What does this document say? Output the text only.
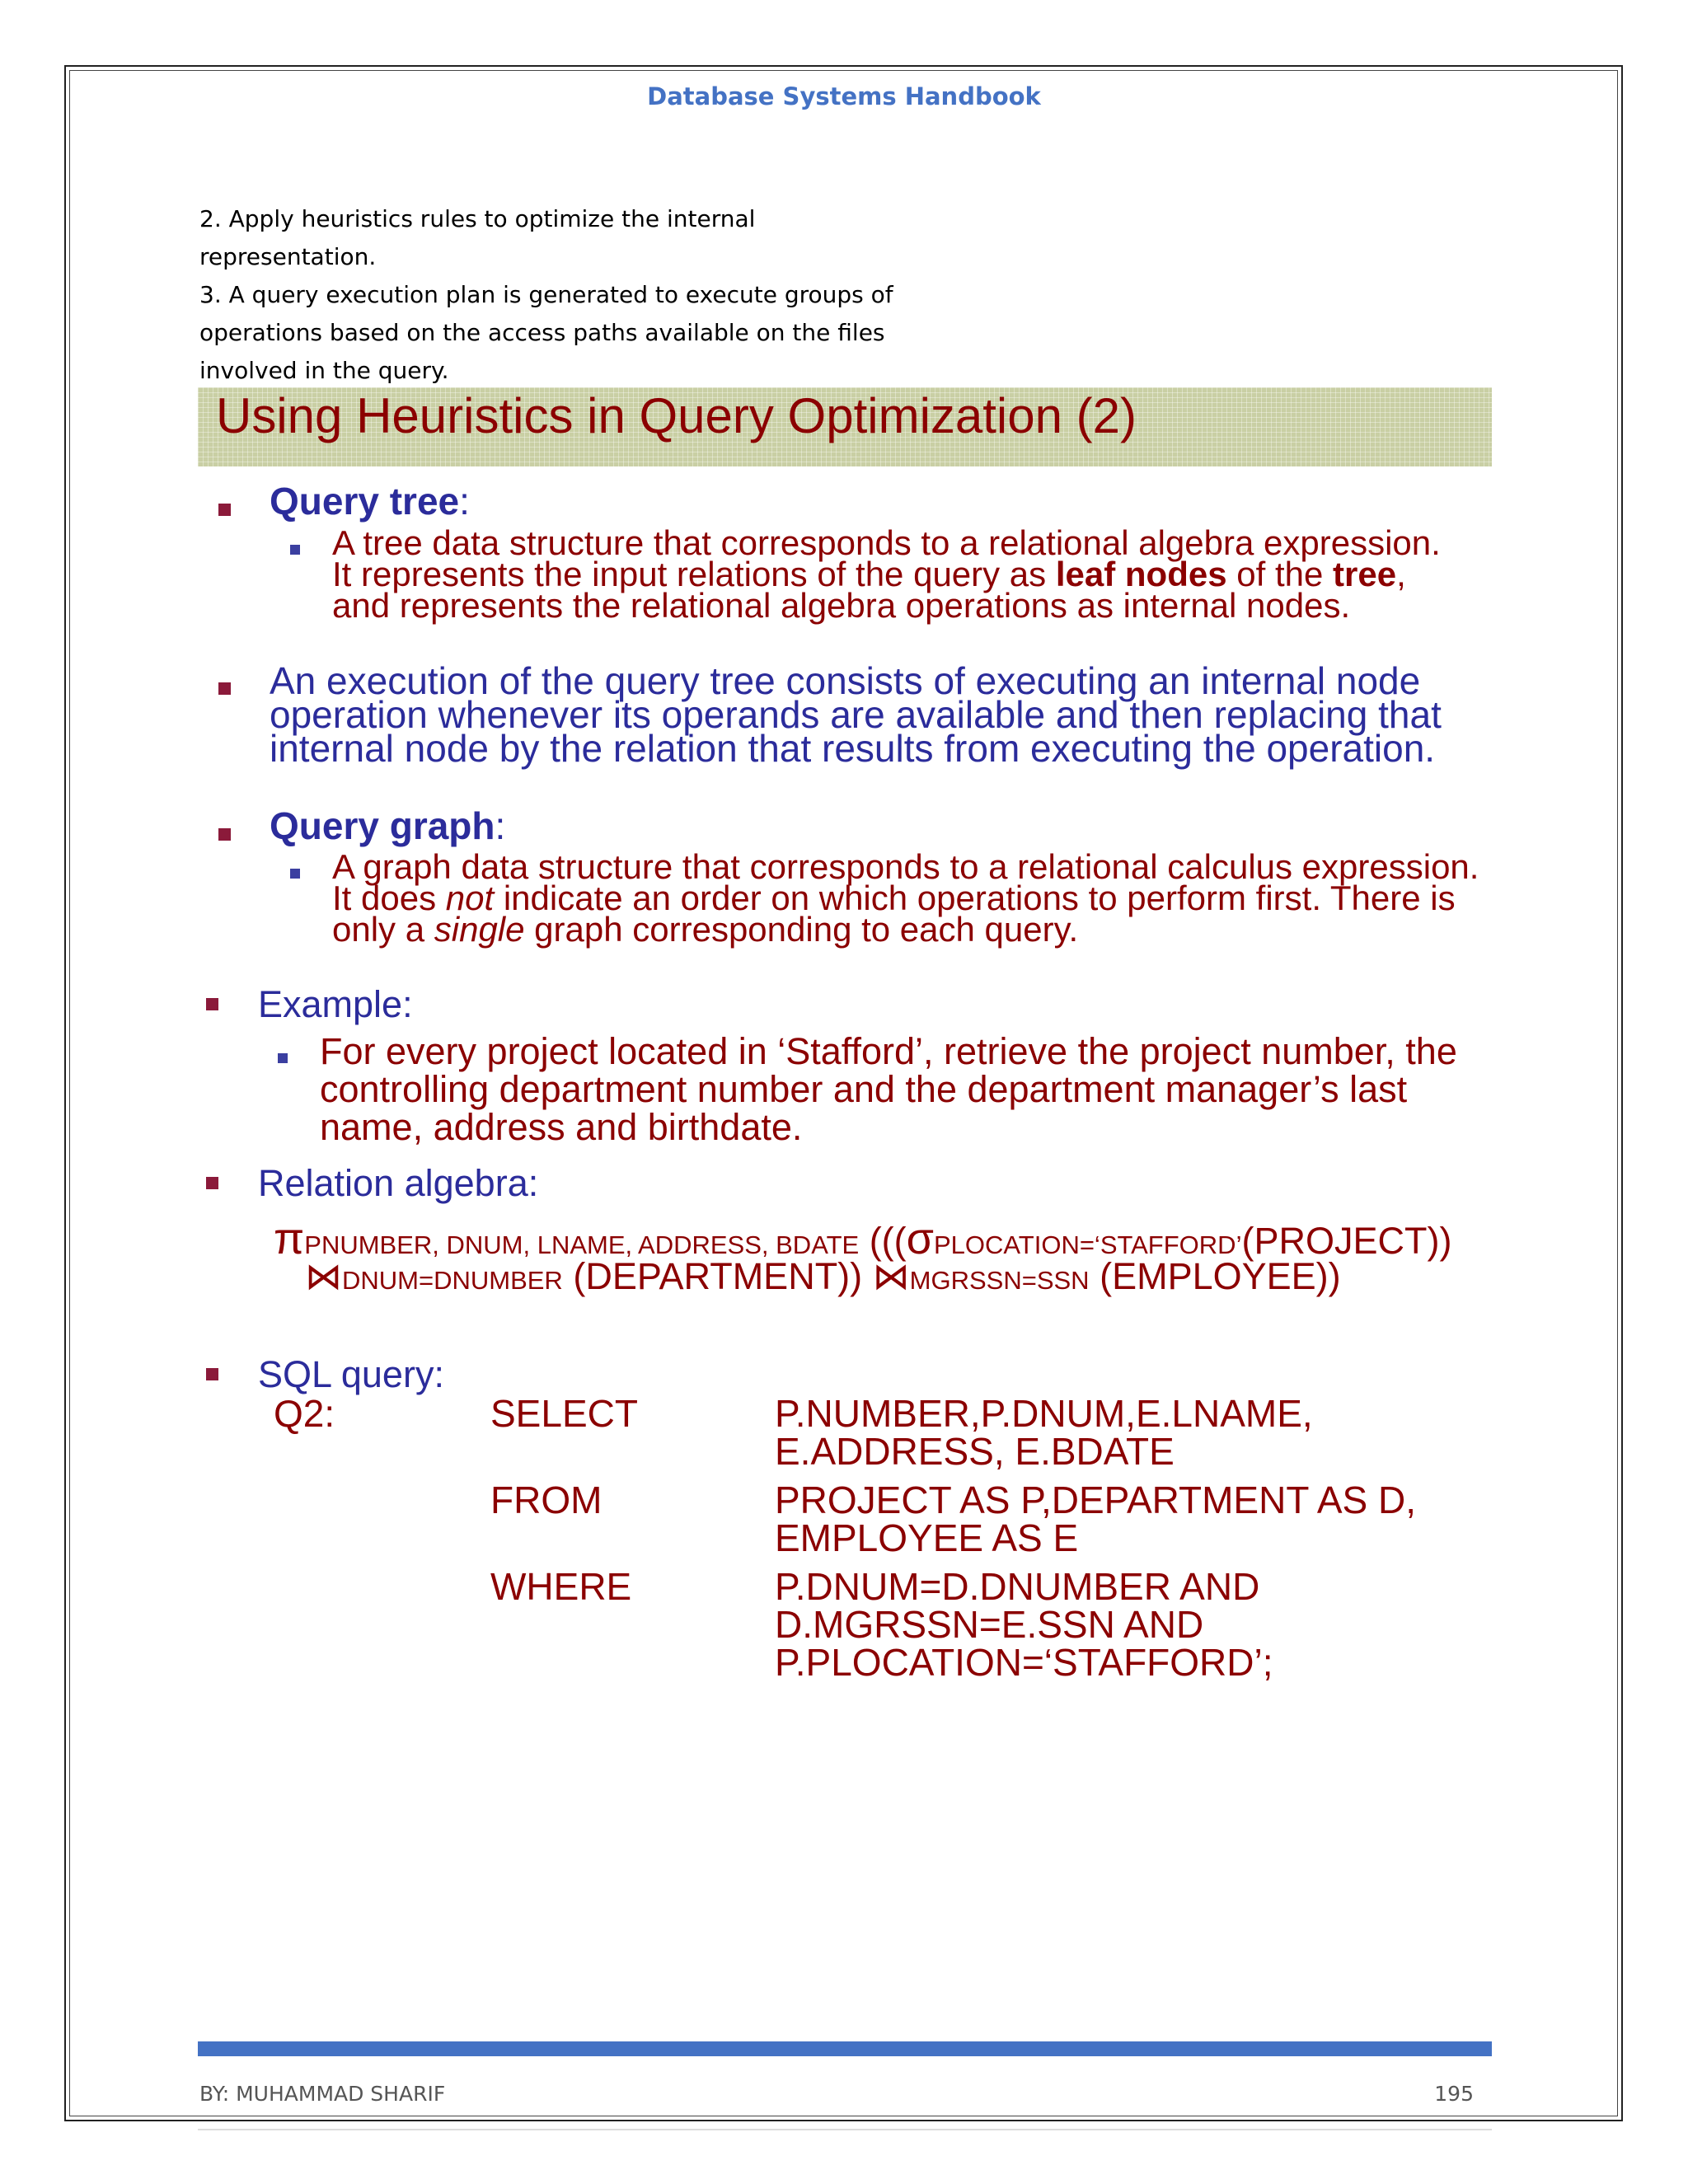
Database Systems Handbook
2. Apply heuristics rules to optimize the internal
representation.
3. A query execution plan is generated to execute groups of
operations based on the access paths available on the files
involved in the query.
Using Heuristics in Query Optimization (2)
Query tree:
A tree data structure that corresponds to a relational algebra expression. It represents the input relations of the query as leaf nodes of the tree, and represents the relational algebra operations as internal nodes.
An execution of the query tree consists of executing an internal node operation whenever its operands are available and then replacing that internal node by the relation that results from executing the operation.
Query graph:
A graph data structure that corresponds to a relational calculus expression. It does not indicate an order on which operations to perform first. There is only a single graph corresponding to each query.
Example:
For every project located in ‘Stafford’, retrieve the project number, the controlling department number and the department manager’s last name, address and birthdate.
Relation algebra:
πPNUMBER, DNUM, LNAME, ADDRESS, BDATE (((σPLOCATION=‘STAFFORD’(PROJECT))
⋈DNUM=DNUMBER (DEPARTMENT)) ⋈MGRSSN=SSN (EMPLOYEE))
SQL query:
Q2:	SELECT	P.NUMBER,P.DNUM,E.LNAME,
E.ADDRESS, E.BDATE
FROM	PROJECT AS P,DEPARTMENT AS D,
EMPLOYEE AS E
WHERE	P.DNUM=D.DNUMBER AND
D.MGRSSN=E.SSN AND
P.PLOCATION=‘STAFFORD’;
BY: MUHAMMAD SHARIF	195
